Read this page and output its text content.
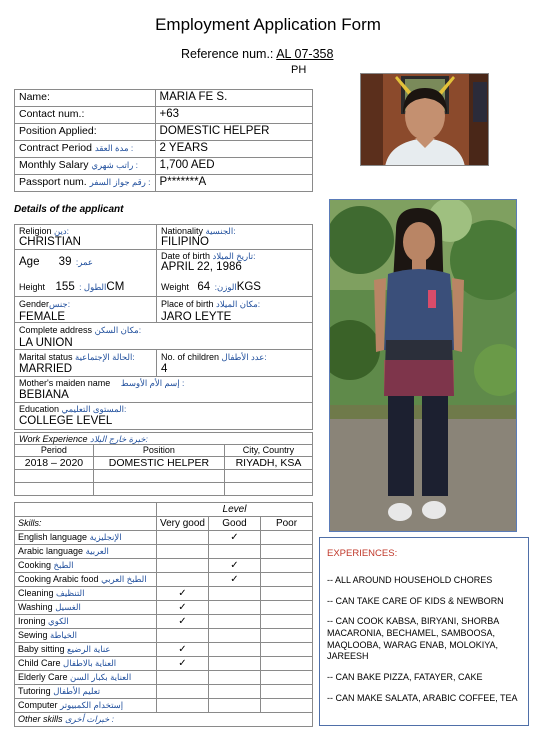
Employment Application Form
Reference num.: AL 07-358
PH
Name:	MARIA FE S.
Contact num.:	+63
Position Applied:	DOMESTIC HELPER
Contract Period مدة العقد :	2 YEARS
Monthly Salary راتب شهري :	1,700 AED
Passport num. رقم جواز السفر :	P*******A
Details of the applicant
Religion دين:
CHRISTIAN
Nationality الجنسية:
FILIPINO
Age	عمر: 39	Date of birth تاريخ الميلاد:
APRIL 22, 1986
Height	الطول : 155CM	Weight	الوزن: 64KGS
Genderجنس:
FEMALE
Place of birth مكان الميلاد:
JARO LEYTE
Complete address مكان السكن:
LA UNION
Marital status الحالة الإجتماعية:
MARRIED
No. of children عدد الأطفال:
4
Mother's maiden name إسم الأم الأوسط :
BEBIANA
Education المستوى التعليمي:
COLLEGE LEVEL
Work Experience خبرة خارج البلاد:
Period	Position	City, Country
2018 – 2020	DOMESTIC HELPER	RIYADH, KSA

	Level		
Skills:	Very good	Good	Poor
English language الإنجليزية		✓	
Arabic language العربية			
Cooking الطبخ		✓	
Cooking Arabic food الطبخ العربي		✓	
Cleaning التنظيف	✓		
Washing الغسيل	✓		
Ironing الكوي	✓		
Sewing الخياطة			
Baby sitting عناية الرضيع	✓		
Child Care العناية بالاطفال	✓		
Elderly Care العناية بكبار السن			
Tutoring تعليم الأطفال			
Computer إستخدام الكمبيوتر			
Other skills خبرات أخرى :			
EXPERIENCES:
-- ALL AROUND HOUSEHOLD CHORES
-- CAN TAKE CARE OF KIDS & NEWBORN
-- CAN COOK KABSA, BIRYANI, SHORBA MACARONIA, BECHAMEL, SAMBOOSA, MAQLOOBA, WARAG ENAB, MOLOKIYA, JAREESH
-- CAN BAKE PIZZA, FATAYER, CAKE
-- CAN MAKE SALATA, ARABIC COFFEE, TEA
